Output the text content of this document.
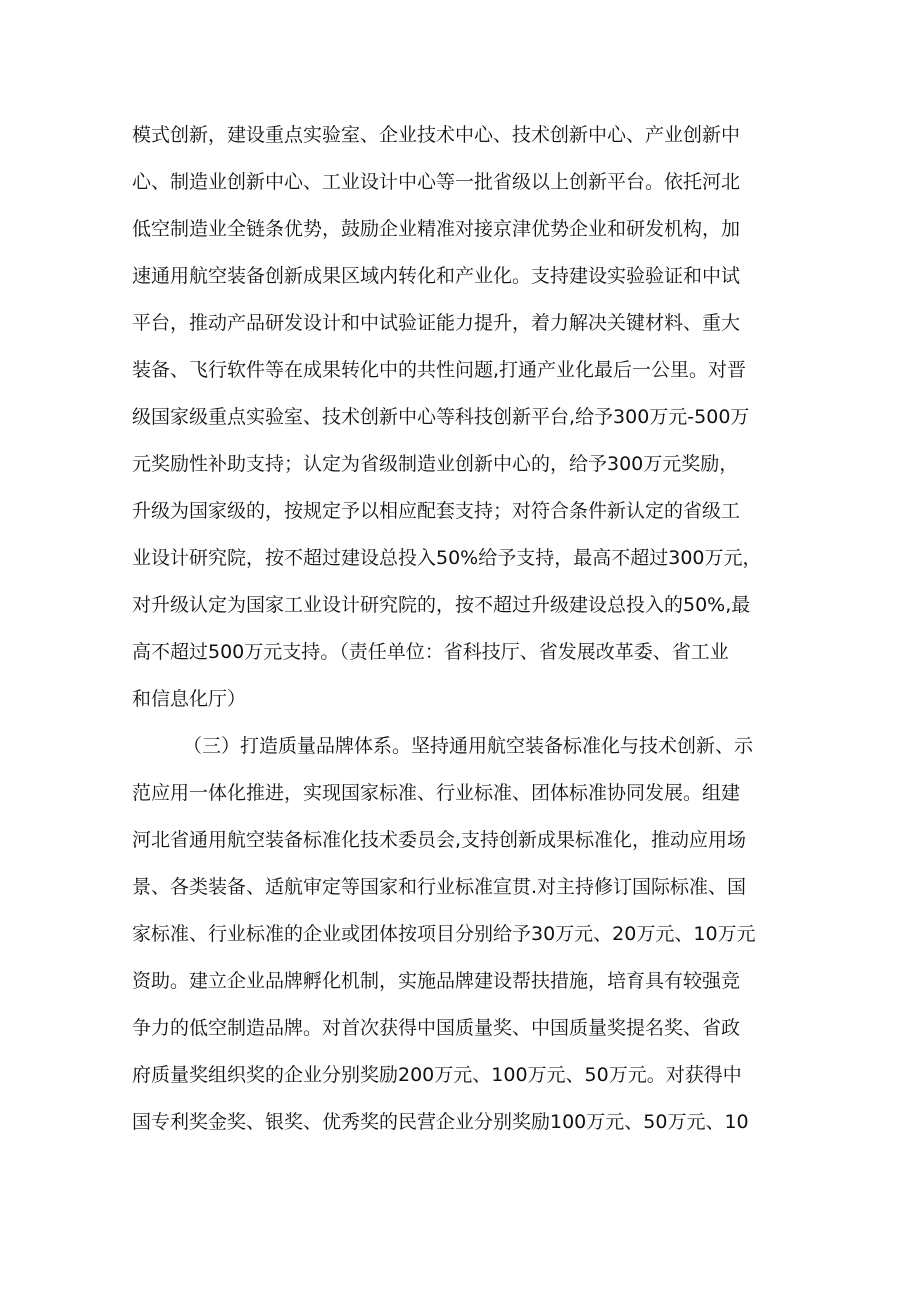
模式创新，建设重点实验室、企业技术中心、技术创新中心、产业创新中
心、制造业创新中心、工业设计中心等一批省级以上创新平台。依托河北
低空制造业全链条优势，鼓励企业精准对接京津优势企业和研发机构，加
速通用航空装备创新成果区域内转化和产业化。支持建设实验验证和中试
平台，推动产品研发设计和中试验证能力提升，着力解决关键材料、重大
装备、飞行软件等在成果转化中的共性问题,打通产业化最后一公里。对晋
级国家级重点实验室、技术创新中心等科技创新平台,给予300万元-500万
元奖励性补助支持；认定为省级制造业创新中心的，给予300万元奖励，
升级为国家级的，按规定予以相应配套支持；对符合条件新认定的省级工
业设计研究院，按不超过建设总投入50%给予支持，最高不超过300万元，
对升级认定为国家工业设计研究院的，按不超过升级建设总投入的50%,最
高不超过500万元支持。（责任单位：省科技厅、省发展改革委、省工业
和信息化厅）
（三）打造质量品牌体系。坚持通用航空装备标准化与技术创新、示
范应用一体化推进，实现国家标准、行业标准、团体标准协同发展。组建
河北省通用航空装备标准化技术委员会,支持创新成果标准化，推动应用场
景、各类装备、适航审定等国家和行业标准宣贯.对主持修订国际标准、国
家标准、行业标准的企业或团体按项目分别给予30万元、20万元、10万元
资助。建立企业品牌孵化机制，实施品牌建设帮扶措施，培育具有较强竞
争力的低空制造品牌。对首次获得中国质量奖、中国质量奖提名奖、省政
府质量奖组织奖的企业分别奖励200万元、100万元、50万元。对获得中
国专利奖金奖、银奖、优秀奖的民营企业分别奖励100万元、50万元、10
